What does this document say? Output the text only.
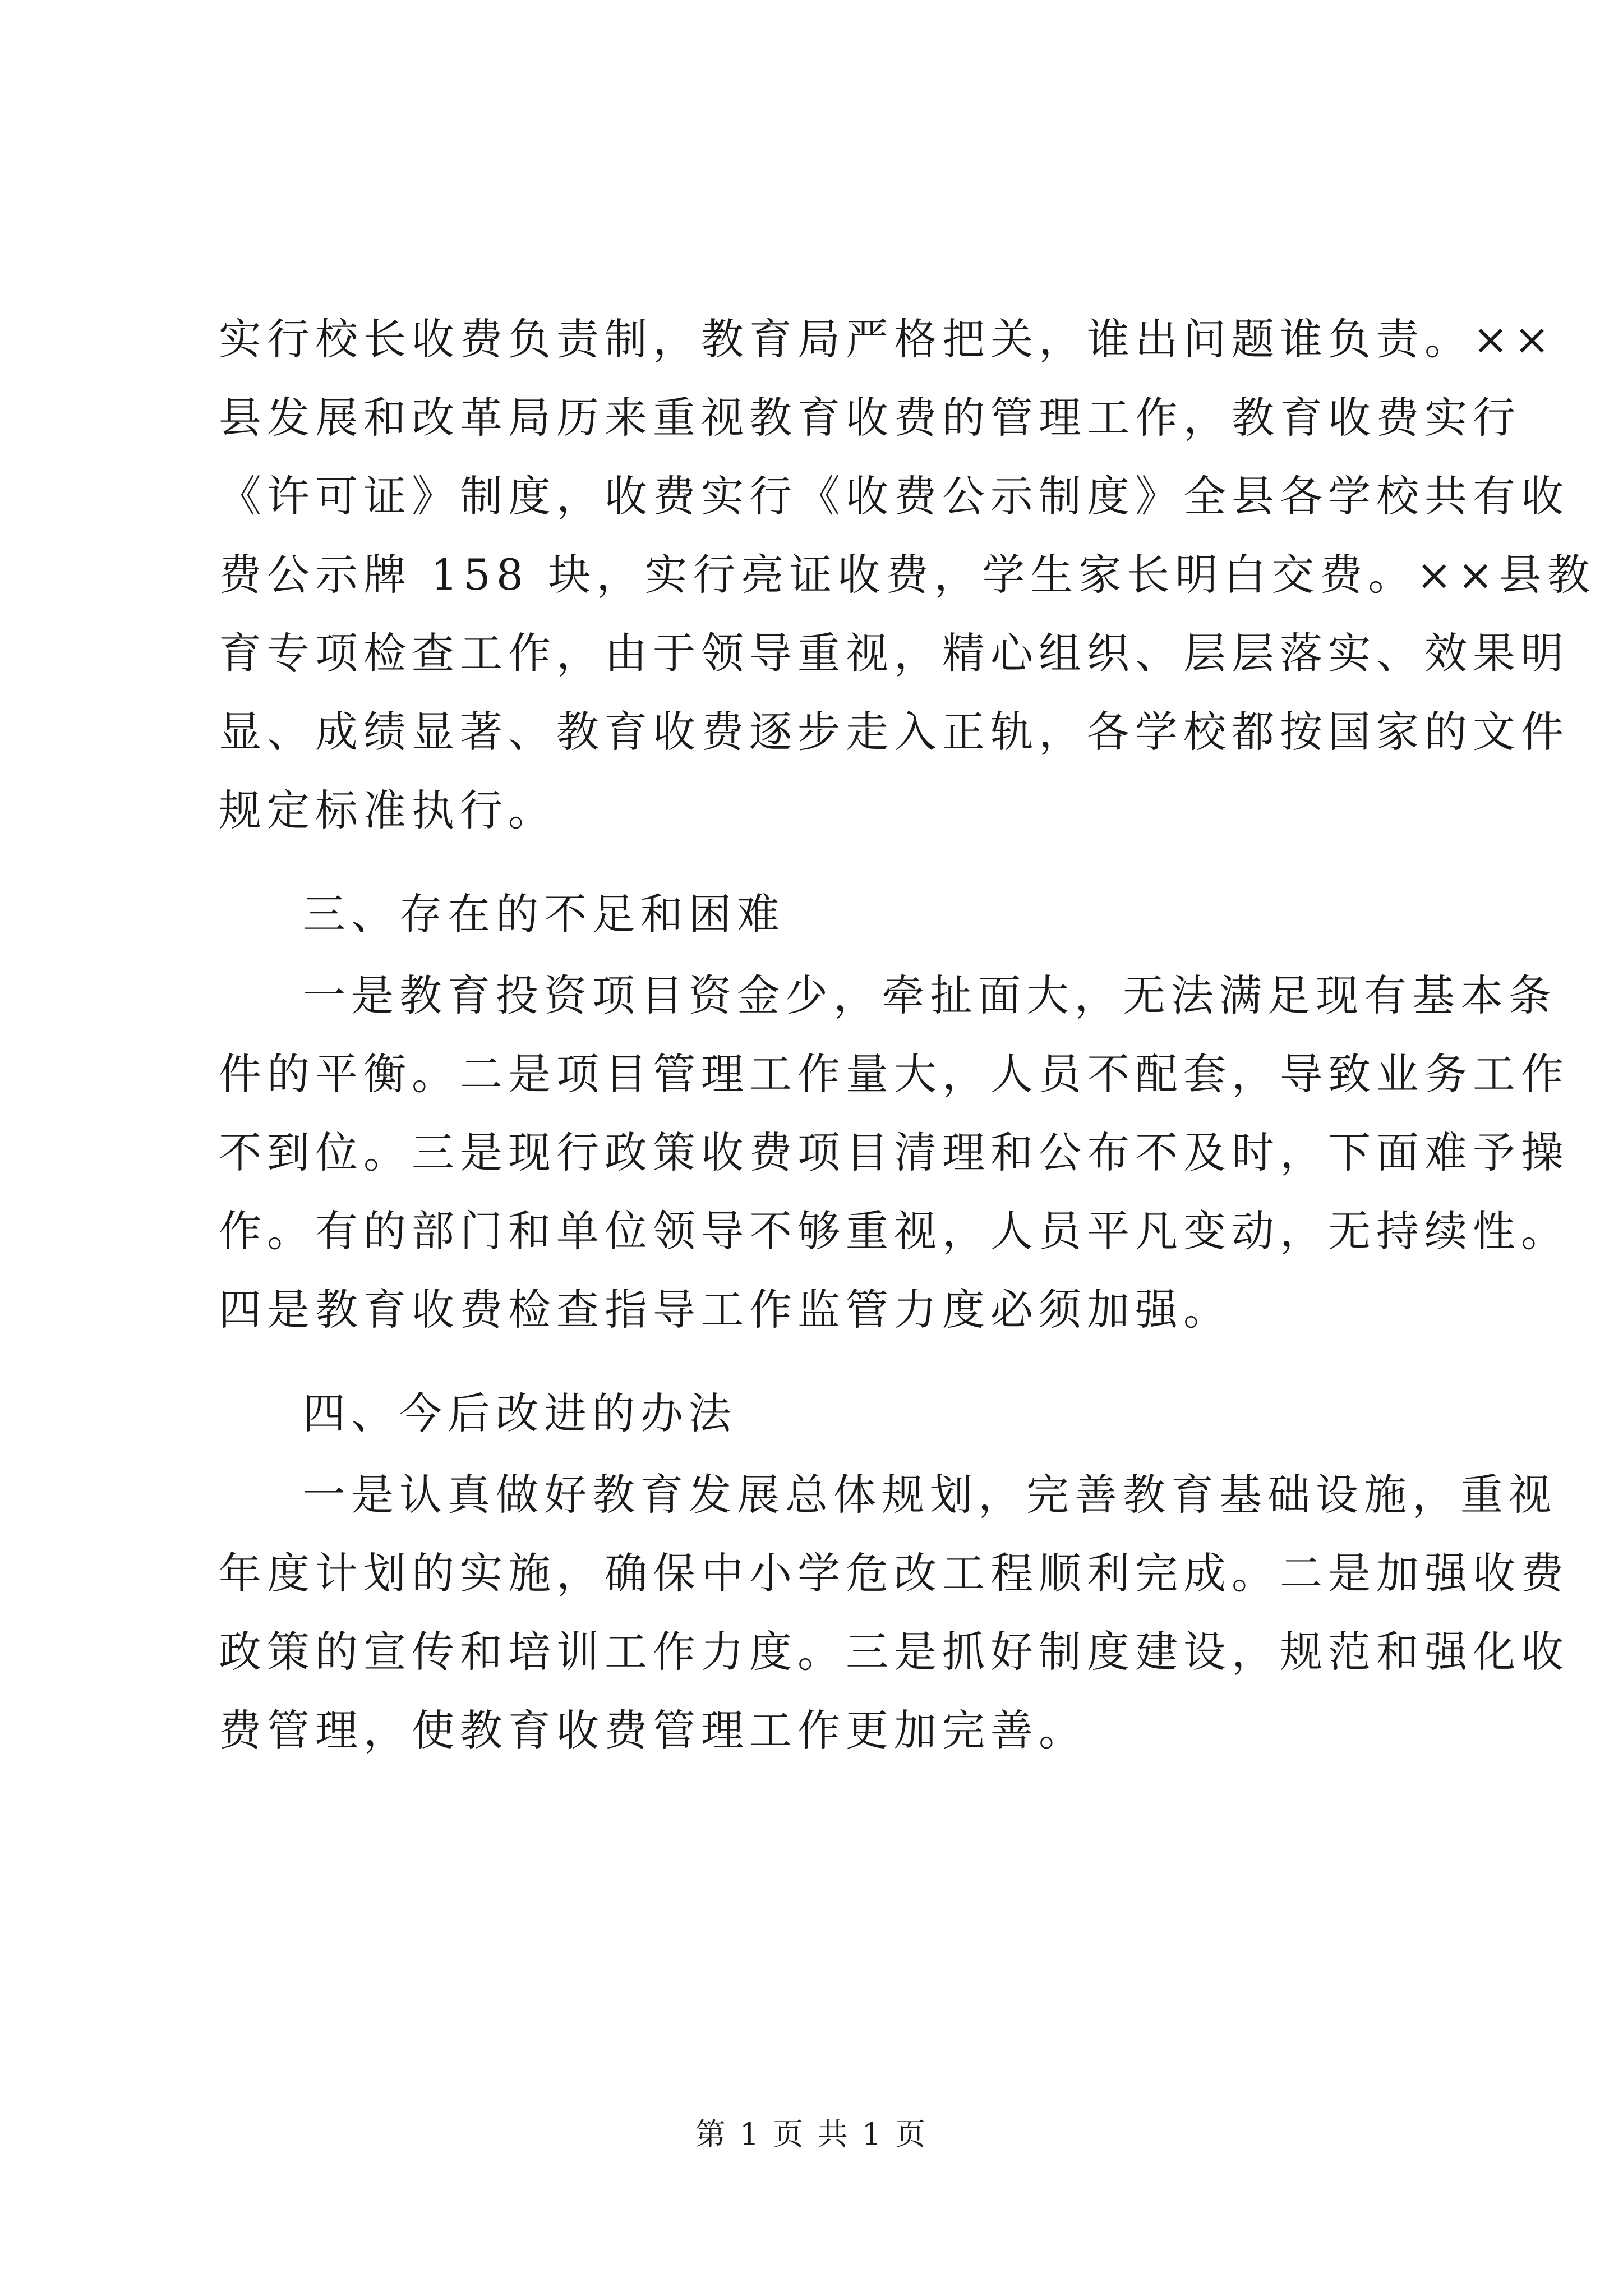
实行校长收费负责制，教育局严格把关，谁出问题谁负责。××
县发展和改革局历来重视教育收费的管理工作，教育收费实行
《许可证》制度，收费实行《收费公示制度》全县各学校共有收
费公示牌 158 块，实行亮证收费，学生家长明白交费。××县教
育专项检查工作，由于领导重视，精心组织、层层落实、效果明
显、成绩显著、教育收费逐步走入正轨，各学校都按国家的文件
规定标准执行。
三、存在的不足和困难
一是教育投资项目资金少，牵扯面大，无法满足现有基本条
件的平衡。二是项目管理工作量大，人员不配套，导致业务工作
不到位。三是现行政策收费项目清理和公布不及时，下面难予操
作。有的部门和单位领导不够重视，人员平凡变动，无持续性。
四是教育收费检查指导工作监管力度必须加强。
四、今后改进的办法
一是认真做好教育发展总体规划，完善教育基础设施，重视
年度计划的实施，确保中小学危改工程顺利完成。二是加强收费
政策的宣传和培训工作力度。三是抓好制度建设，规范和强化收
费管理，使教育收费管理工作更加完善。
第 1 页 共 1 页
